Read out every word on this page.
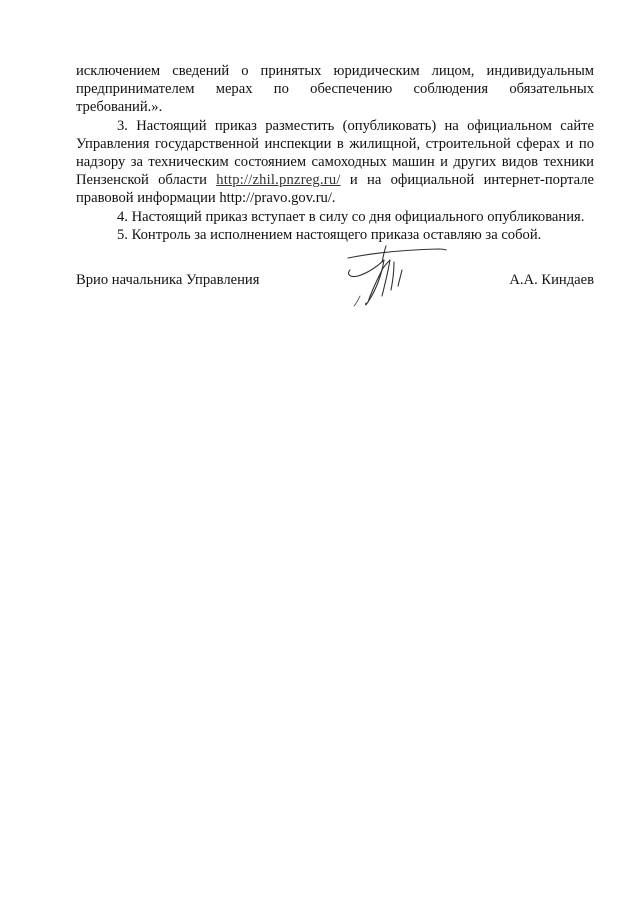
исключением сведений о принятых юридическим лицом, индивидуальным предпринимателем мерах по обеспечению соблюдения обязательных требований.».

3. Настоящий приказ разместить (опубликовать) на официальном сайте Управления государственной инспекции в жилищной, строительной сферах и по надзору за техническим состоянием самоходных машин и других видов техники Пензенской области http://zhil.pnzreg.ru/ и на официальной интернет-портале правовой информации http://pravo.gov.ru/.

4. Настоящий приказ вступает в силу со дня официального опубликования.

5. Контроль за исполнением настоящего приказа оставляю за собой.

Врио начальника Управления	А.А. Киндаев
